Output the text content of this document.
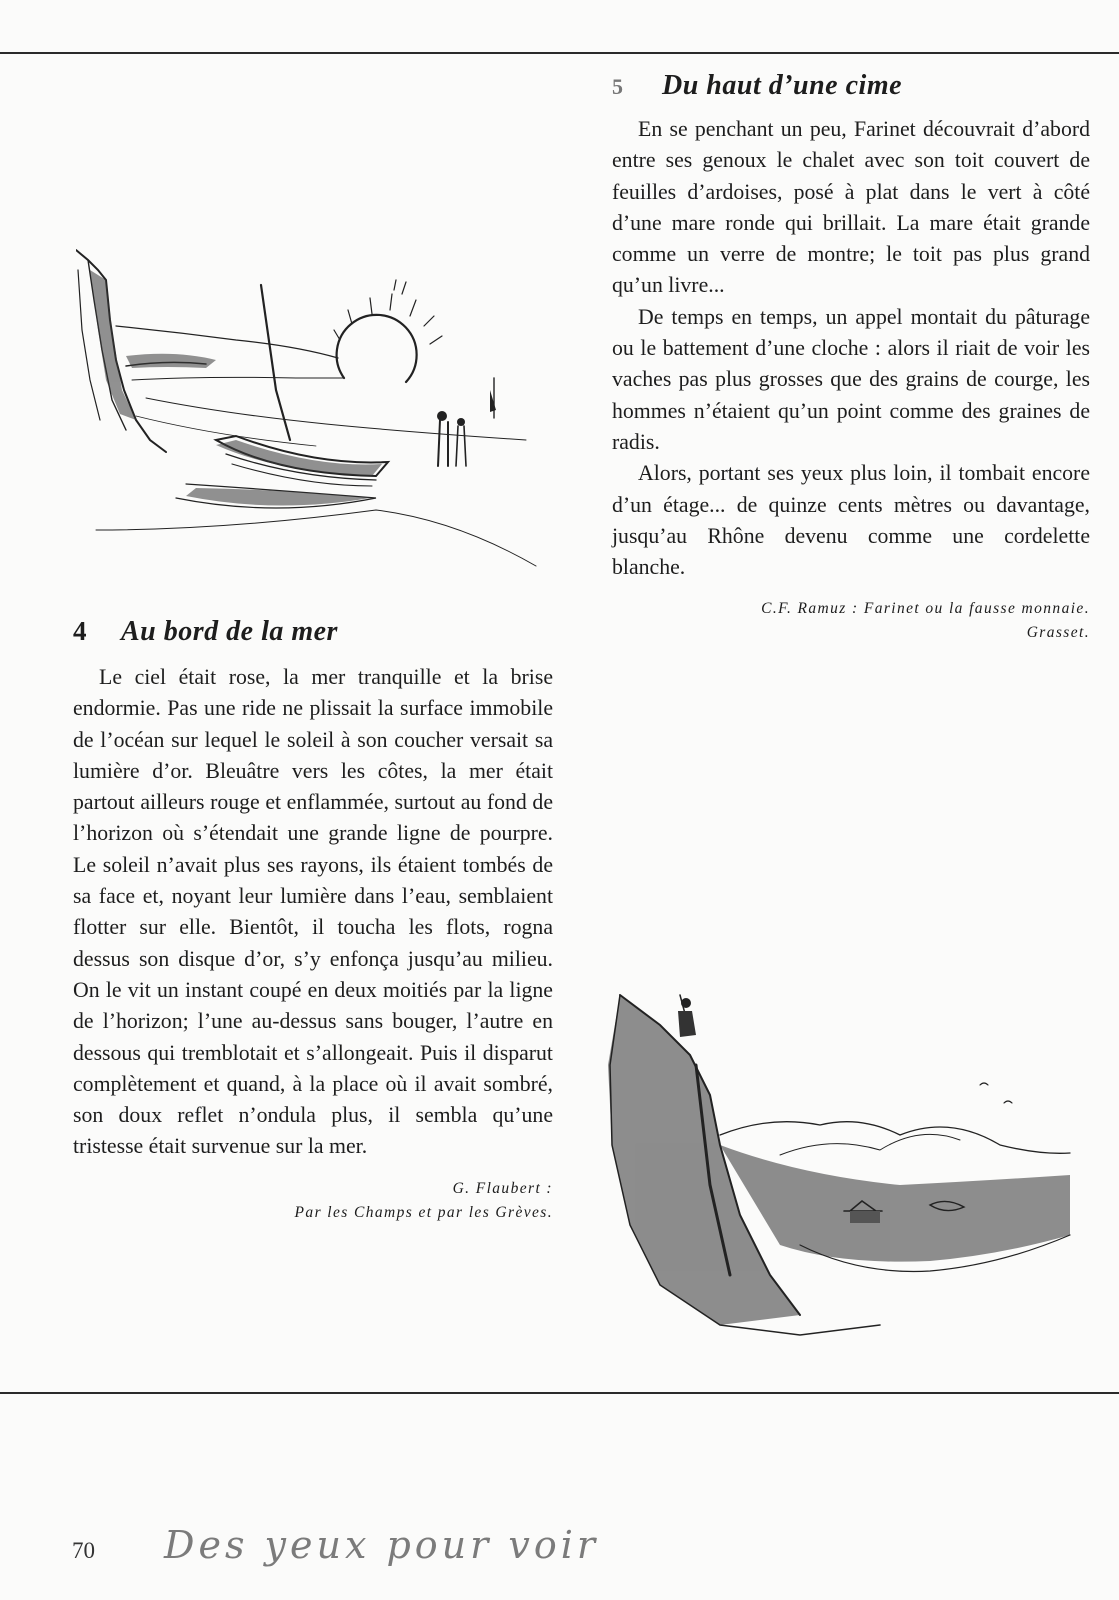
4	Au bord de la mer

Le ciel était rose, la mer tranquille et la brise endormie. Pas une ride ne plissait la surface immobile de l’océan sur lequel le soleil à son coucher versait sa lumière d’or. Bleuâtre vers les côtes, la mer était partout ailleurs rouge et enflammée, surtout au fond de l’horizon où s’étendait une grande ligne de pourpre. Le soleil n’avait plus ses rayons, ils étaient tombés de sa face et, noyant leur lumière dans l’eau, semblaient flotter sur elle. Bientôt, il toucha les flots, rogna dessus son disque d’or, s’y enfonça jusqu’au milieu. On le vit un instant coupé en deux moitiés par la ligne de l’horizon; l’une au-dessus sans bouger, l’autre en dessous qui tremblotait et s’allongeait. Puis il disparut complètement et quand, à la place où il avait sombré, son doux reflet n’ondula plus, il sembla qu’une tristesse était survenue sur la mer.

G. Flaubert :
Par les Champs et par les Grèves.
5	Du haut d’une cime

En se penchant un peu, Farinet découvrait d’abord entre ses genoux le chalet avec son toit couvert de feuilles d’ardoises, posé à plat dans le vert à côté d’une mare ronde qui brillait. La mare était grande comme un verre de montre; le toit pas plus grand qu’un livre...

De temps en temps, un appel montait du pâturage ou le battement d’une cloche : alors il riait de voir les vaches pas plus grosses que des grains de courge, les hommes n’étaient qu’un point comme des graines de radis.

Alors, portant ses yeux plus loin, il tombait encore d’un étage... de quinze cents mètres ou davantage, jusqu’au Rhône devenu comme une cordelette blanche.

C.F. Ramuz : Farinet ou la fausse monnaie.
Grasset.
70	Des yeux pour voir
